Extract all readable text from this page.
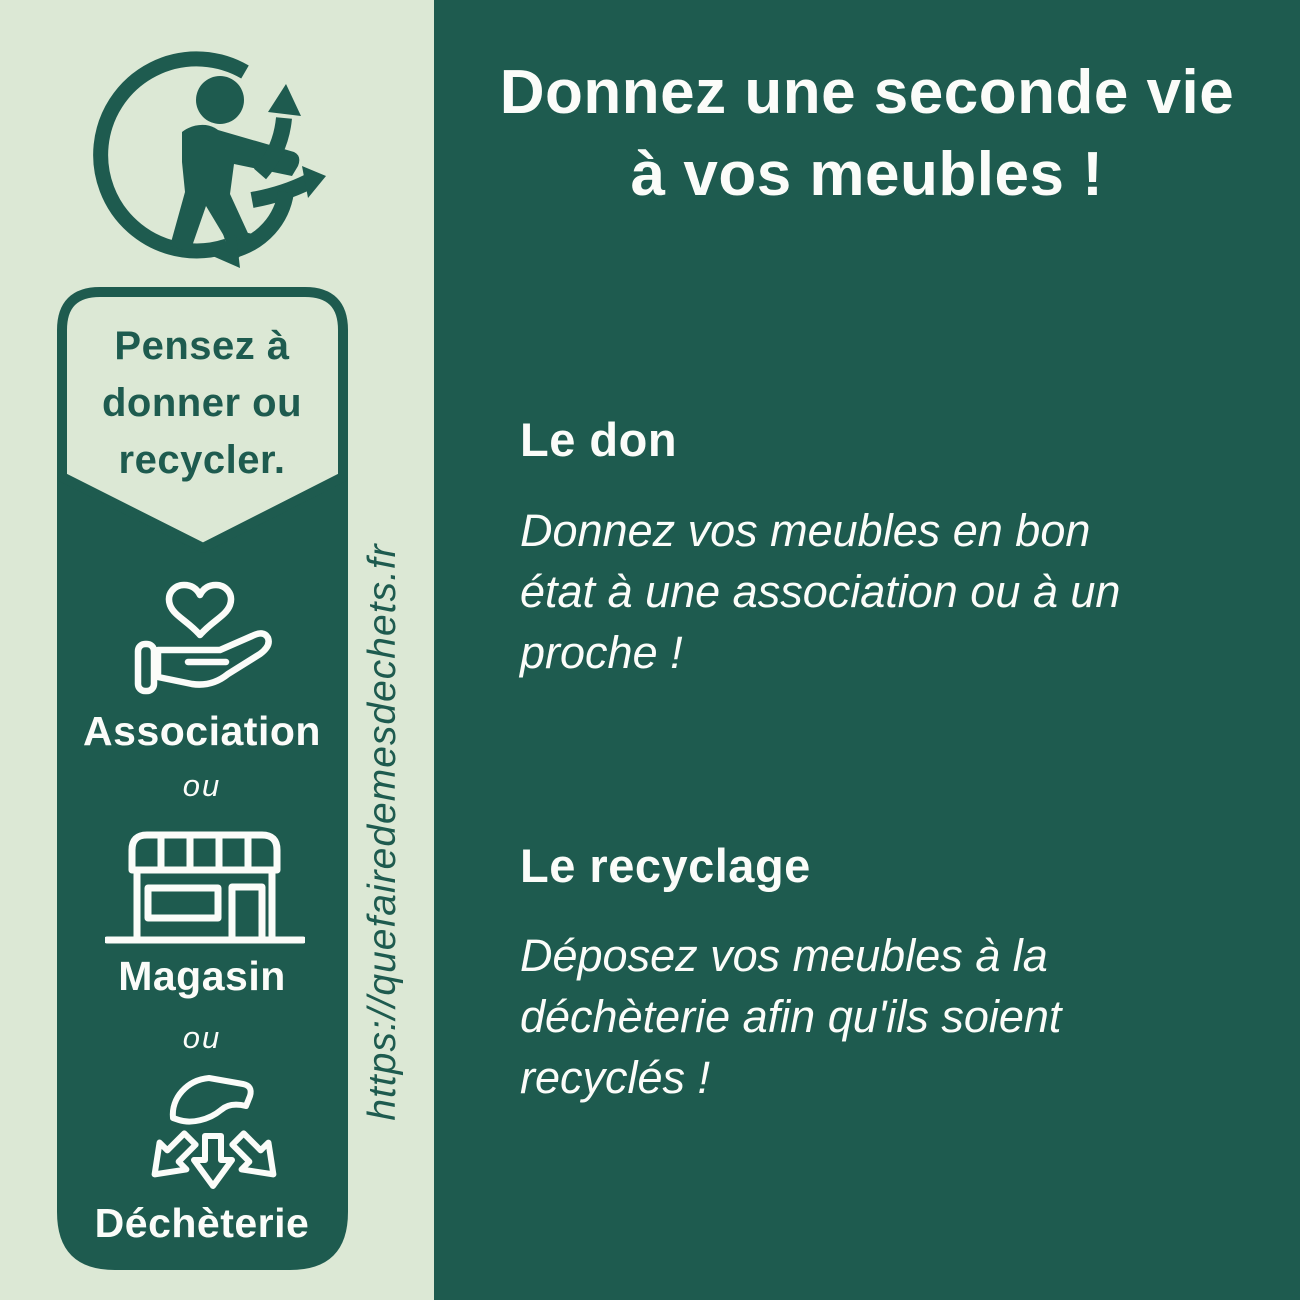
Pensez à donner ou recycler.
Association
ou
Magasin
ou
Déchèterie
https://quefairedemesdechets.fr
Donnez une seconde vie
à vos meubles !
Le don
Donnez vos meubles en bon
état à une association ou à un
proche !
Le recyclage
Déposez vos meubles à la
déchèterie afin qu'ils soient
recyclés !
